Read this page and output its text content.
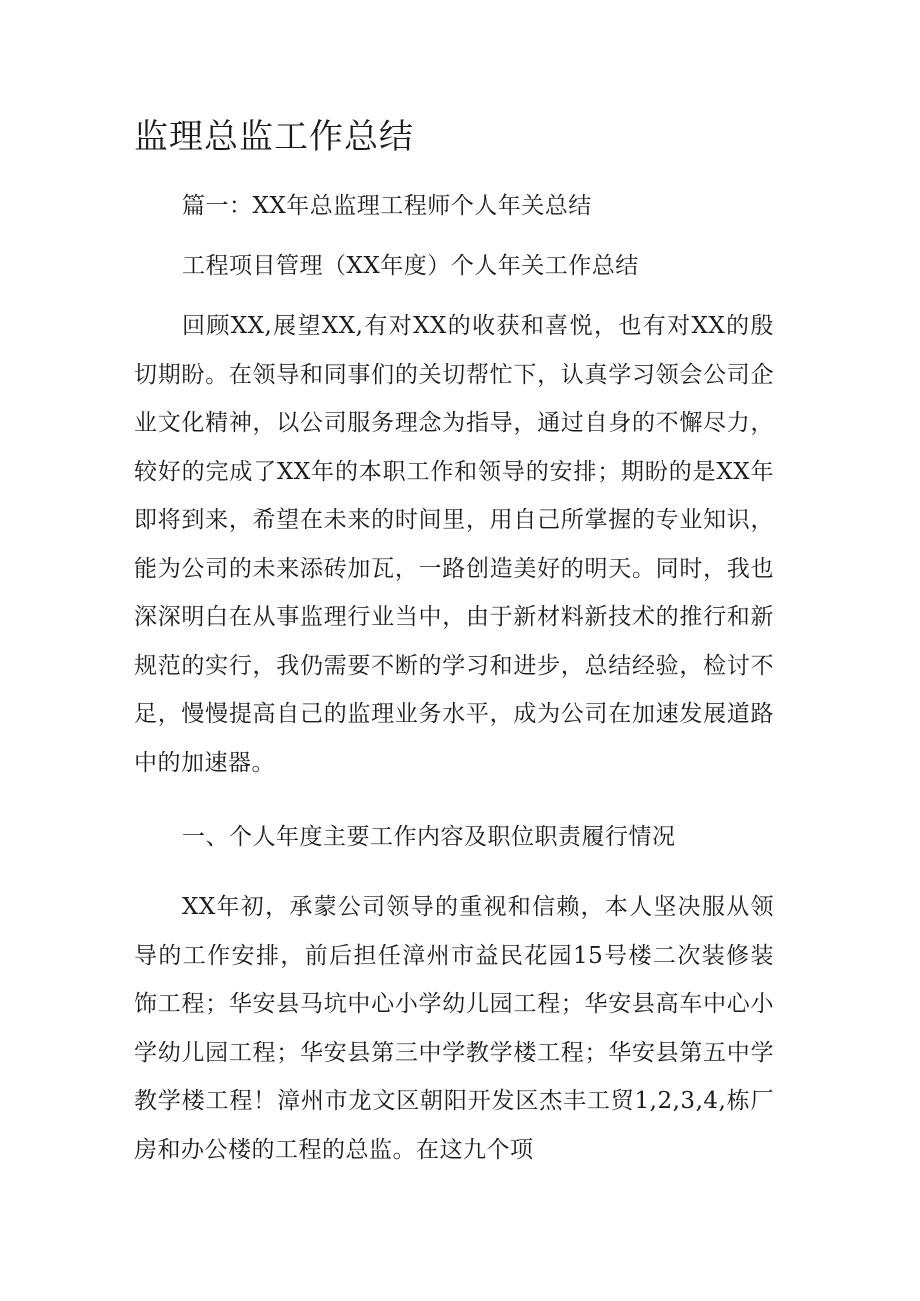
监理总监工作总结

篇一：XX年总监理工程师个人年关总结

工程项目管理（XX年度）个人年关工作总结

回顾XX,展望XX,有对XX的收获和喜悦，也有对XX的殷切期盼。在领导和同事们的关切帮忙下，认真学习领会公司企业文化精神，以公司服务理念为指导，通过自身的不懈尽力，较好的完成了XX年的本职工作和领导的安排；期盼的是XX年即将到来，希望在未来的时间里，用自己所掌握的专业知识，能为公司的未来添砖加瓦，一路创造美好的明天。同时，我也深深明白在从事监理行业当中，由于新材料新技术的推行和新规范的实行，我仍需要不断的学习和进步，总结经验，检讨不足，慢慢提高自己的监理业务水平，成为公司在加速发展道路中的加速器。

一、个人年度主要工作内容及职位职责履行情况

XX年初，承蒙公司领导的重视和信赖，本人坚决服从领导的工作安排，前后担任漳州市益民花园15号楼二次装修装饰工程；华安县马坑中心小学幼儿园工程；华安县高车中心小学幼儿园工程；华安县第三中学教学楼工程；华安县第五中学教学楼工程！漳州市龙文区朝阳开发区杰丰工贸1,2,3,4,栋厂房和办公楼的工程的总监。在这九个项
